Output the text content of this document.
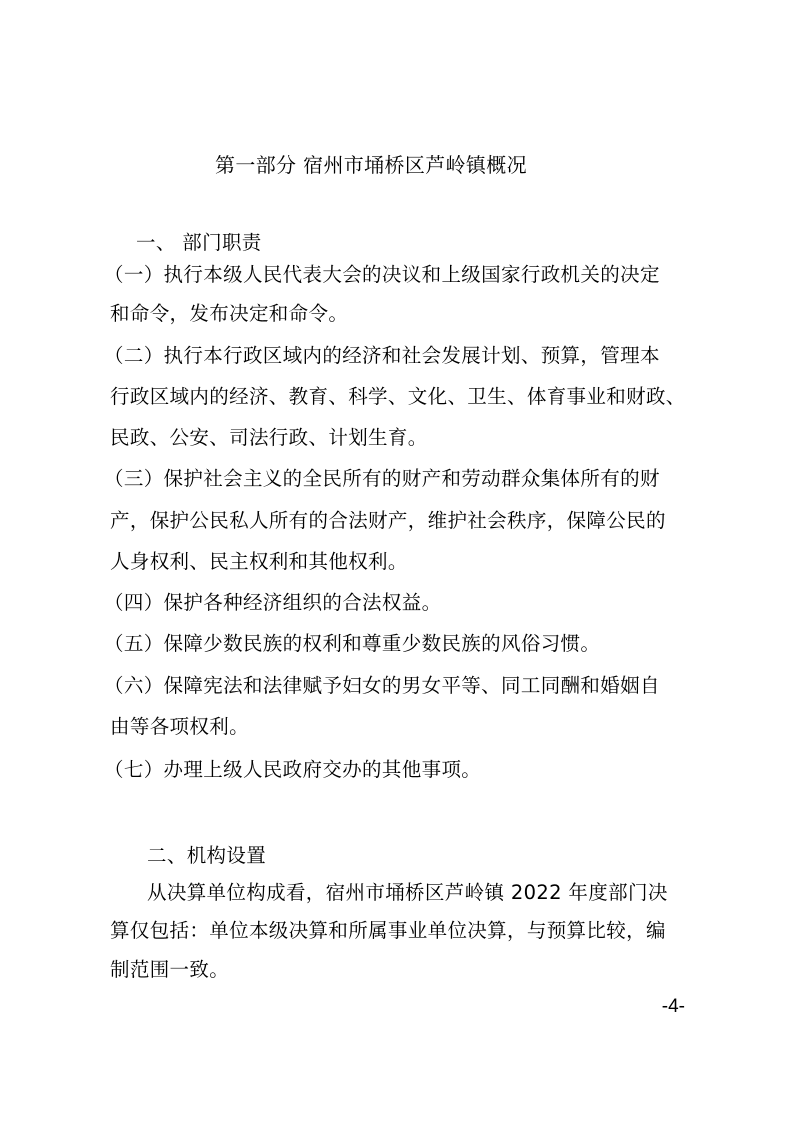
第一部分 宿州市埇桥区芦岭镇概况
一、 部门职责
（一）执行本级人民代表大会的决议和上级国家行政机关的决定
和命令，发布决定和命令。
（二）执行本行政区域内的经济和社会发展计划、预算，管理本
行政区域内的经济、教育、科学、文化、卫生、体育事业和财政、
民政、公安、司法行政、计划生育。
（三）保护社会主义的全民所有的财产和劳动群众集体所有的财
产，保护公民私人所有的合法财产，维护社会秩序，保障公民的
人身权利、民主权利和其他权利。
（四）保护各种经济组织的合法权益。
（五）保障少数民族的权利和尊重少数民族的风俗习惯。
（六）保障宪法和法律赋予妇女的男女平等、同工同酬和婚姻自
由等各项权利。
（七）办理上级人民政府交办的其他事项。
二、机构设置
从决算单位构成看，宿州市埇桥区芦岭镇 2022 年度部门决
算仅包括：单位本级决算和所属事业单位决算，与预算比较，编
制范围一致。
-4-
